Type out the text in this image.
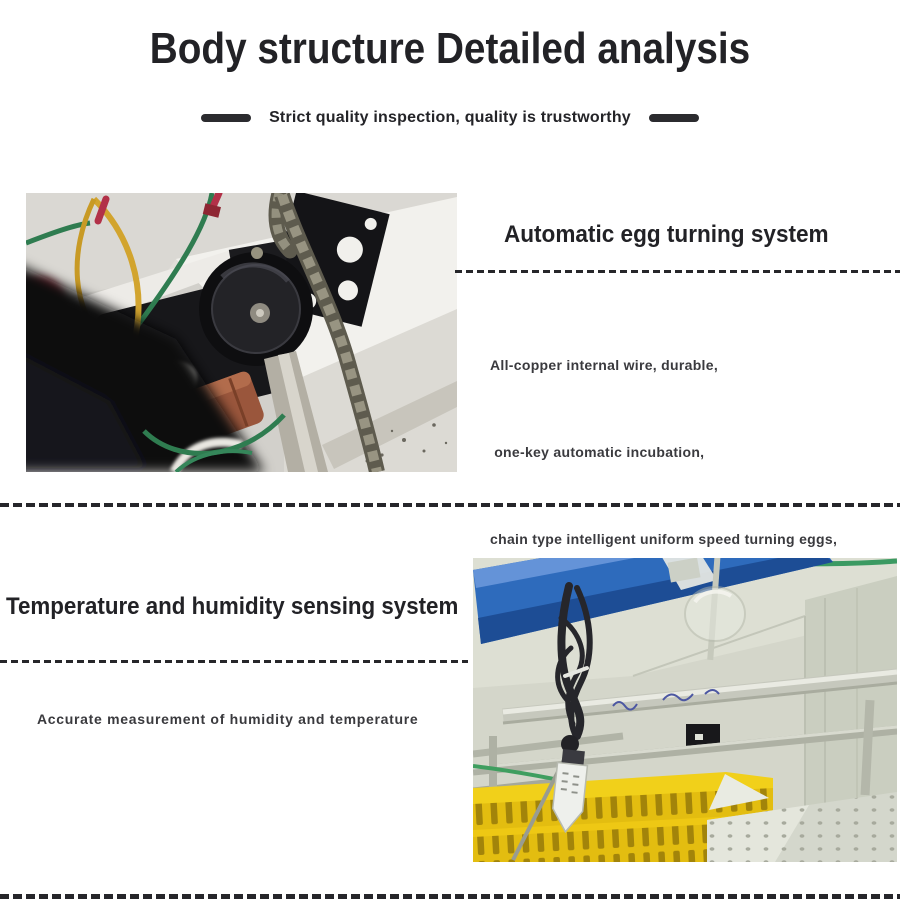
Body structure Detailed analysis
Strict quality inspection, quality is trustworthy
Automatic egg turning system

All-copper internal wire, durable,

one-key automatic incubation,

chain type intelligent uniform speed turning eggs,

Temperature and humidity sensing system
Accurate measurement of humidity and temperature
